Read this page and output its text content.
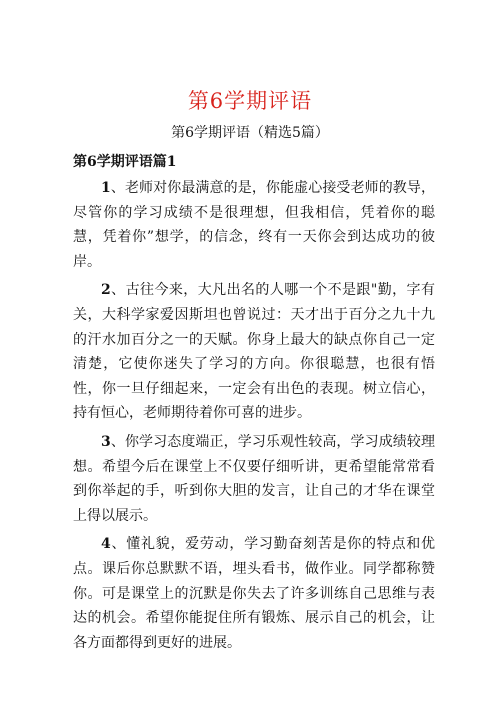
第6学期评语
第6学期评语（精选5篇）
第6学期评语篇1

1、老师对你最满意的是，你能虚心接受老师的教导，尽管你的学习成绩不是很理想，但我相信，凭着你的聪慧，凭着你”想学，的信念，终有一天你会到达成功的彼岸。

2、古往今来，大凡出名的人哪一个不是跟"勤，字有关，大科学家爱因斯坦也曾说过：天才出于百分之九十九的汗水加百分之一的天赋。你身上最大的缺点你自己一定清楚，它使你迷失了学习的方向。你很聪慧，也很有悟性，你一旦仔细起来，一定会有出色的表现。树立信心，持有恒心，老师期待着你可喜的进步。

3、你学习态度端正，学习乐观性较高，学习成绩较理想。希望今后在课堂上不仅要仔细听讲，更希望能常常看到你举起的手，听到你大胆的发言，让自己的才华在课堂上得以展示。

4、懂礼貌，爱劳动，学习勤奋刻苦是你的特点和优点。课后你总默默不语，埋头看书，做作业。同学都称赞你。可是课堂上的沉默是你失去了许多训练自己思维与表达的机会。希望你能捉住所有锻炼、展示自己的机会，让各方面都得到更好的进展。
